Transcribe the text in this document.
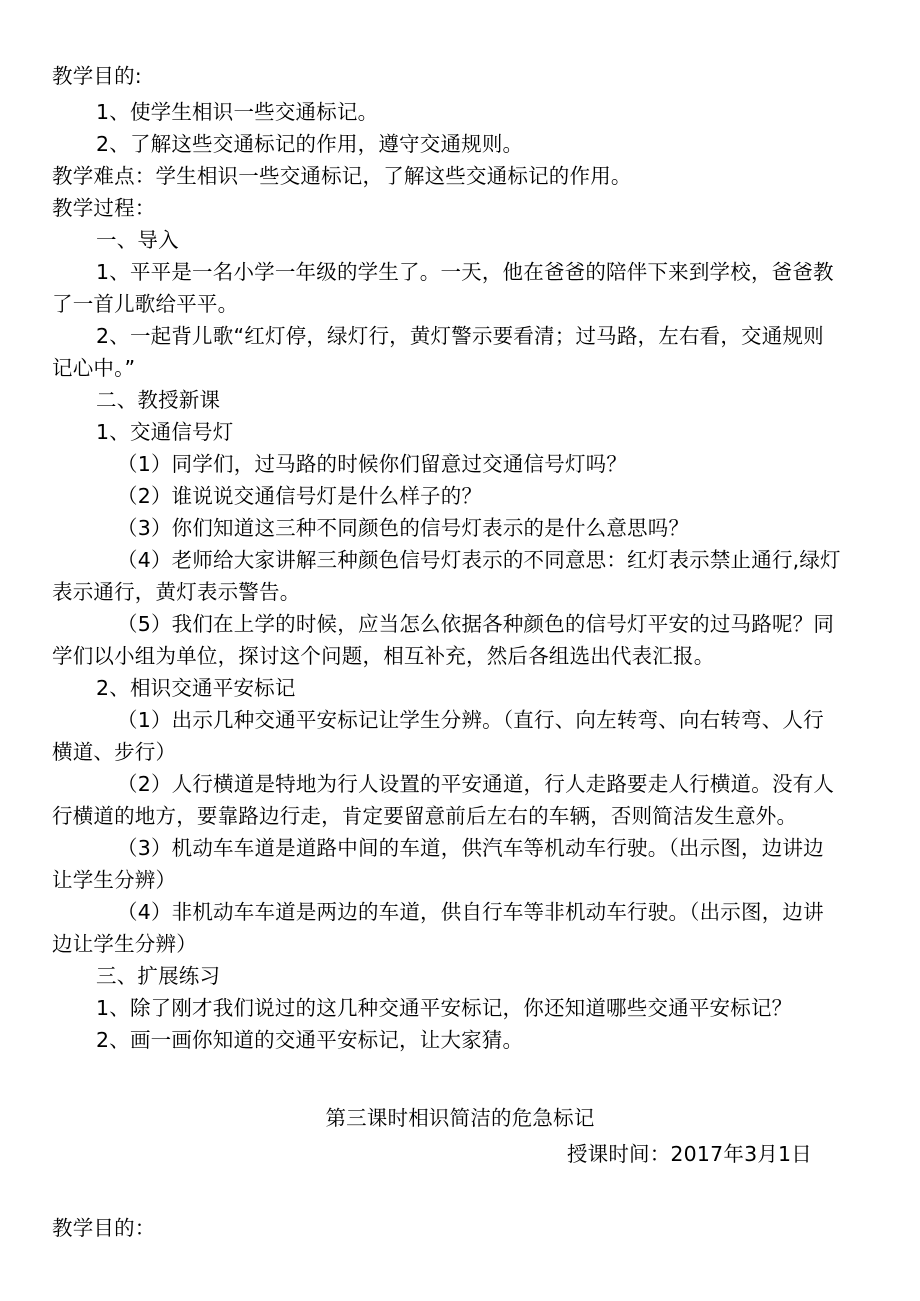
教学目的:
1、使学生相识一些交通标记。
2、了解这些交通标记的作用，遵守交通规则。
教学难点：学生相识一些交通标记，了解这些交通标记的作用。
教学过程：
一、导入
1、平平是一名小学一年级的学生了。一天，他在爸爸的陪伴下来到学校，爸爸教
了一首儿歌给平平。
2、一起背儿歌“红灯停，绿灯行，黄灯警示要看清；过马路，左右看，交通规则
记心中。”
二、教授新课
1、交通信号灯
（1）同学们，过马路的时候你们留意过交通信号灯吗？
（2）谁说说交通信号灯是什么样子的？
（3）你们知道这三种不同颜色的信号灯表示的是什么意思吗？
（4）老师给大家讲解三种颜色信号灯表示的不同意思：红灯表示禁止通行,绿灯
表示通行，黄灯表示警告。
（5）我们在上学的时候，应当怎么依据各种颜色的信号灯平安的过马路呢？同
学们以小组为单位，探讨这个问题，相互补充，然后各组选出代表汇报。
2、相识交通平安标记
（1）出示几种交通平安标记让学生分辨。（直行、向左转弯、向右转弯、人行
横道、步行）
（2）人行横道是特地为行人设置的平安通道，行人走路要走人行横道。没有人
行横道的地方，要靠路边行走，肯定要留意前后左右的车辆，否则简洁发生意外。
（3）机动车车道是道路中间的车道，供汽车等机动车行驶。（出示图，边讲边
让学生分辨）
（4）非机动车车道是两边的车道，供自行车等非机动车行驶。（出示图，边讲
边让学生分辨）
三、扩展练习
1、除了刚才我们说过的这几种交通平安标记，你还知道哪些交通平安标记？
2、画一画你知道的交通平安标记，让大家猜。
第三课时相识简洁的危急标记
授课时间：2017年3月1日
教学目的：
